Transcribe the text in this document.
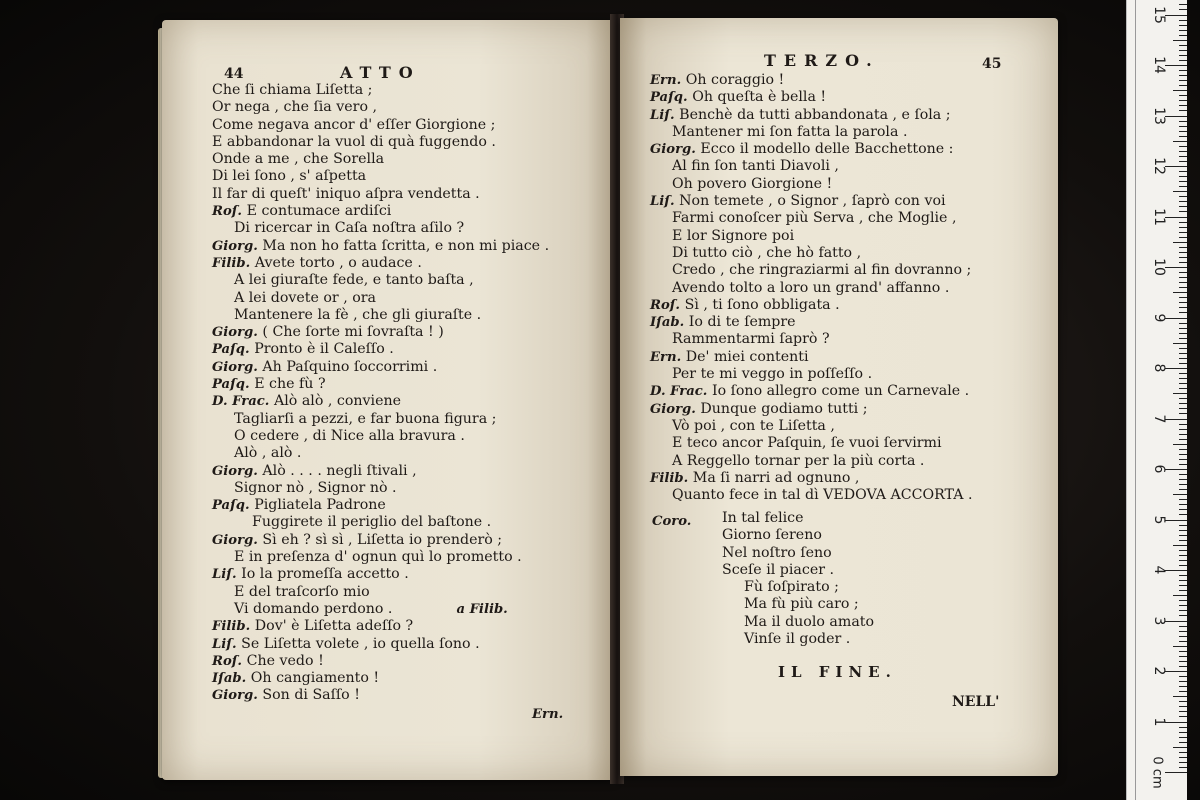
44	ATTO
Che ſi chiama Liſetta ;
Or nega , che ſia vero ,
Come negava ancor d' eſſer Giorgione ;
E abbandonar la vuol di quà fuggendo .
Onde a me , che Sorella
Di lei ſono , s' aſpetta
Il far di queſt' iniquo aſpra vendetta .
Roſ. E contumace ardiſci
Di ricercar in Caſa noſtra aſilo ?
Giorg. Ma non ho fatta ſcritta, e non mi piace .
Filib. Avete torto , o audace .
A lei giuraſte fede, e tanto baſta ,
A lei dovete or , ora
Mantenere la fè , che gli giuraſte .
Giorg. ( Che ſorte mi ſovraſta ! )
Paſq. Pronto è il Caleſſo .
Giorg. Ah Paſquino ſoccorrimi .
Paſq. E che fù ?
D. Frac. Alò alò , conviene
Tagliarſi a pezzi, e far buona figura ;
O cedere , di Nice alla bravura .
Alò , alò .
Giorg. Alò . . . . negli ſtivali ,
Signor nò , Signor nò .
Paſq. Pigliatela Padrone
Fuggirete il periglio del baſtone .
Giorg. Sì eh ? sì sì , Liſetta io prenderò ;
E in preſenza d' ognun quì lo prometto .
Liſ. Io la promeſſa accetto .
E del traſcorſo mio
Vi domando perdono .	a Filib.
Filib. Dov' è Liſetta adeſſo ?
Liſ. Se Liſetta volete , io quella ſono .
Roſ. Che vedo !
Iſab. Oh cangiamento !
Giorg. Son di Saſſo !
Ern.
TERZO.	45
Ern. Oh coraggio !
Paſq. Oh queſta è bella !
Liſ. Benchè da tutti abbandonata , e ſola ;
Mantener mi ſon fatta la parola .
Giorg. Ecco il modello delle Bacchettone :
Al fin ſon tanti Diavoli ,
Oh povero Giorgione !
Liſ. Non temete , o Signor , ſaprò con voi
Farmi conoſcer più Serva , che Moglie ,
E lor Signore poi
Di tutto ciò , che hò fatto ,
Credo , che ringraziarmi al fin dovranno ;
Avendo tolto a loro un grand' affanno .
Roſ. Sì , ti ſono obbligata .
Iſab. Io di te ſempre
Rammentarmi ſaprò ?
Ern. De' miei contenti
Per te mi veggo in poſſeſſo .
D. Frac. Io ſono allegro come un Carnevale .
Giorg. Dunque godiamo tutti ;
Vò poi , con te Liſetta ,
E teco ancor Paſquin, ſe vuoi ſervirmi
A Reggello tornar per la più corta .
Filib. Ma ſi narri ad ognuno ,
Quanto fece in tal dì VEDOVA ACCORTA .
Coro. In tal felice
Giorno ſereno
Nel noſtro ſeno
Sceſe il piacer .
Fù ſoſpirato ;
Ma fù più caro ;
Ma il duolo amato
Vinſe il goder .
IL FINE.
NELL'
0 cm
15
14
13
12
11
10
9
8
7
6
5
4
3
2
1
